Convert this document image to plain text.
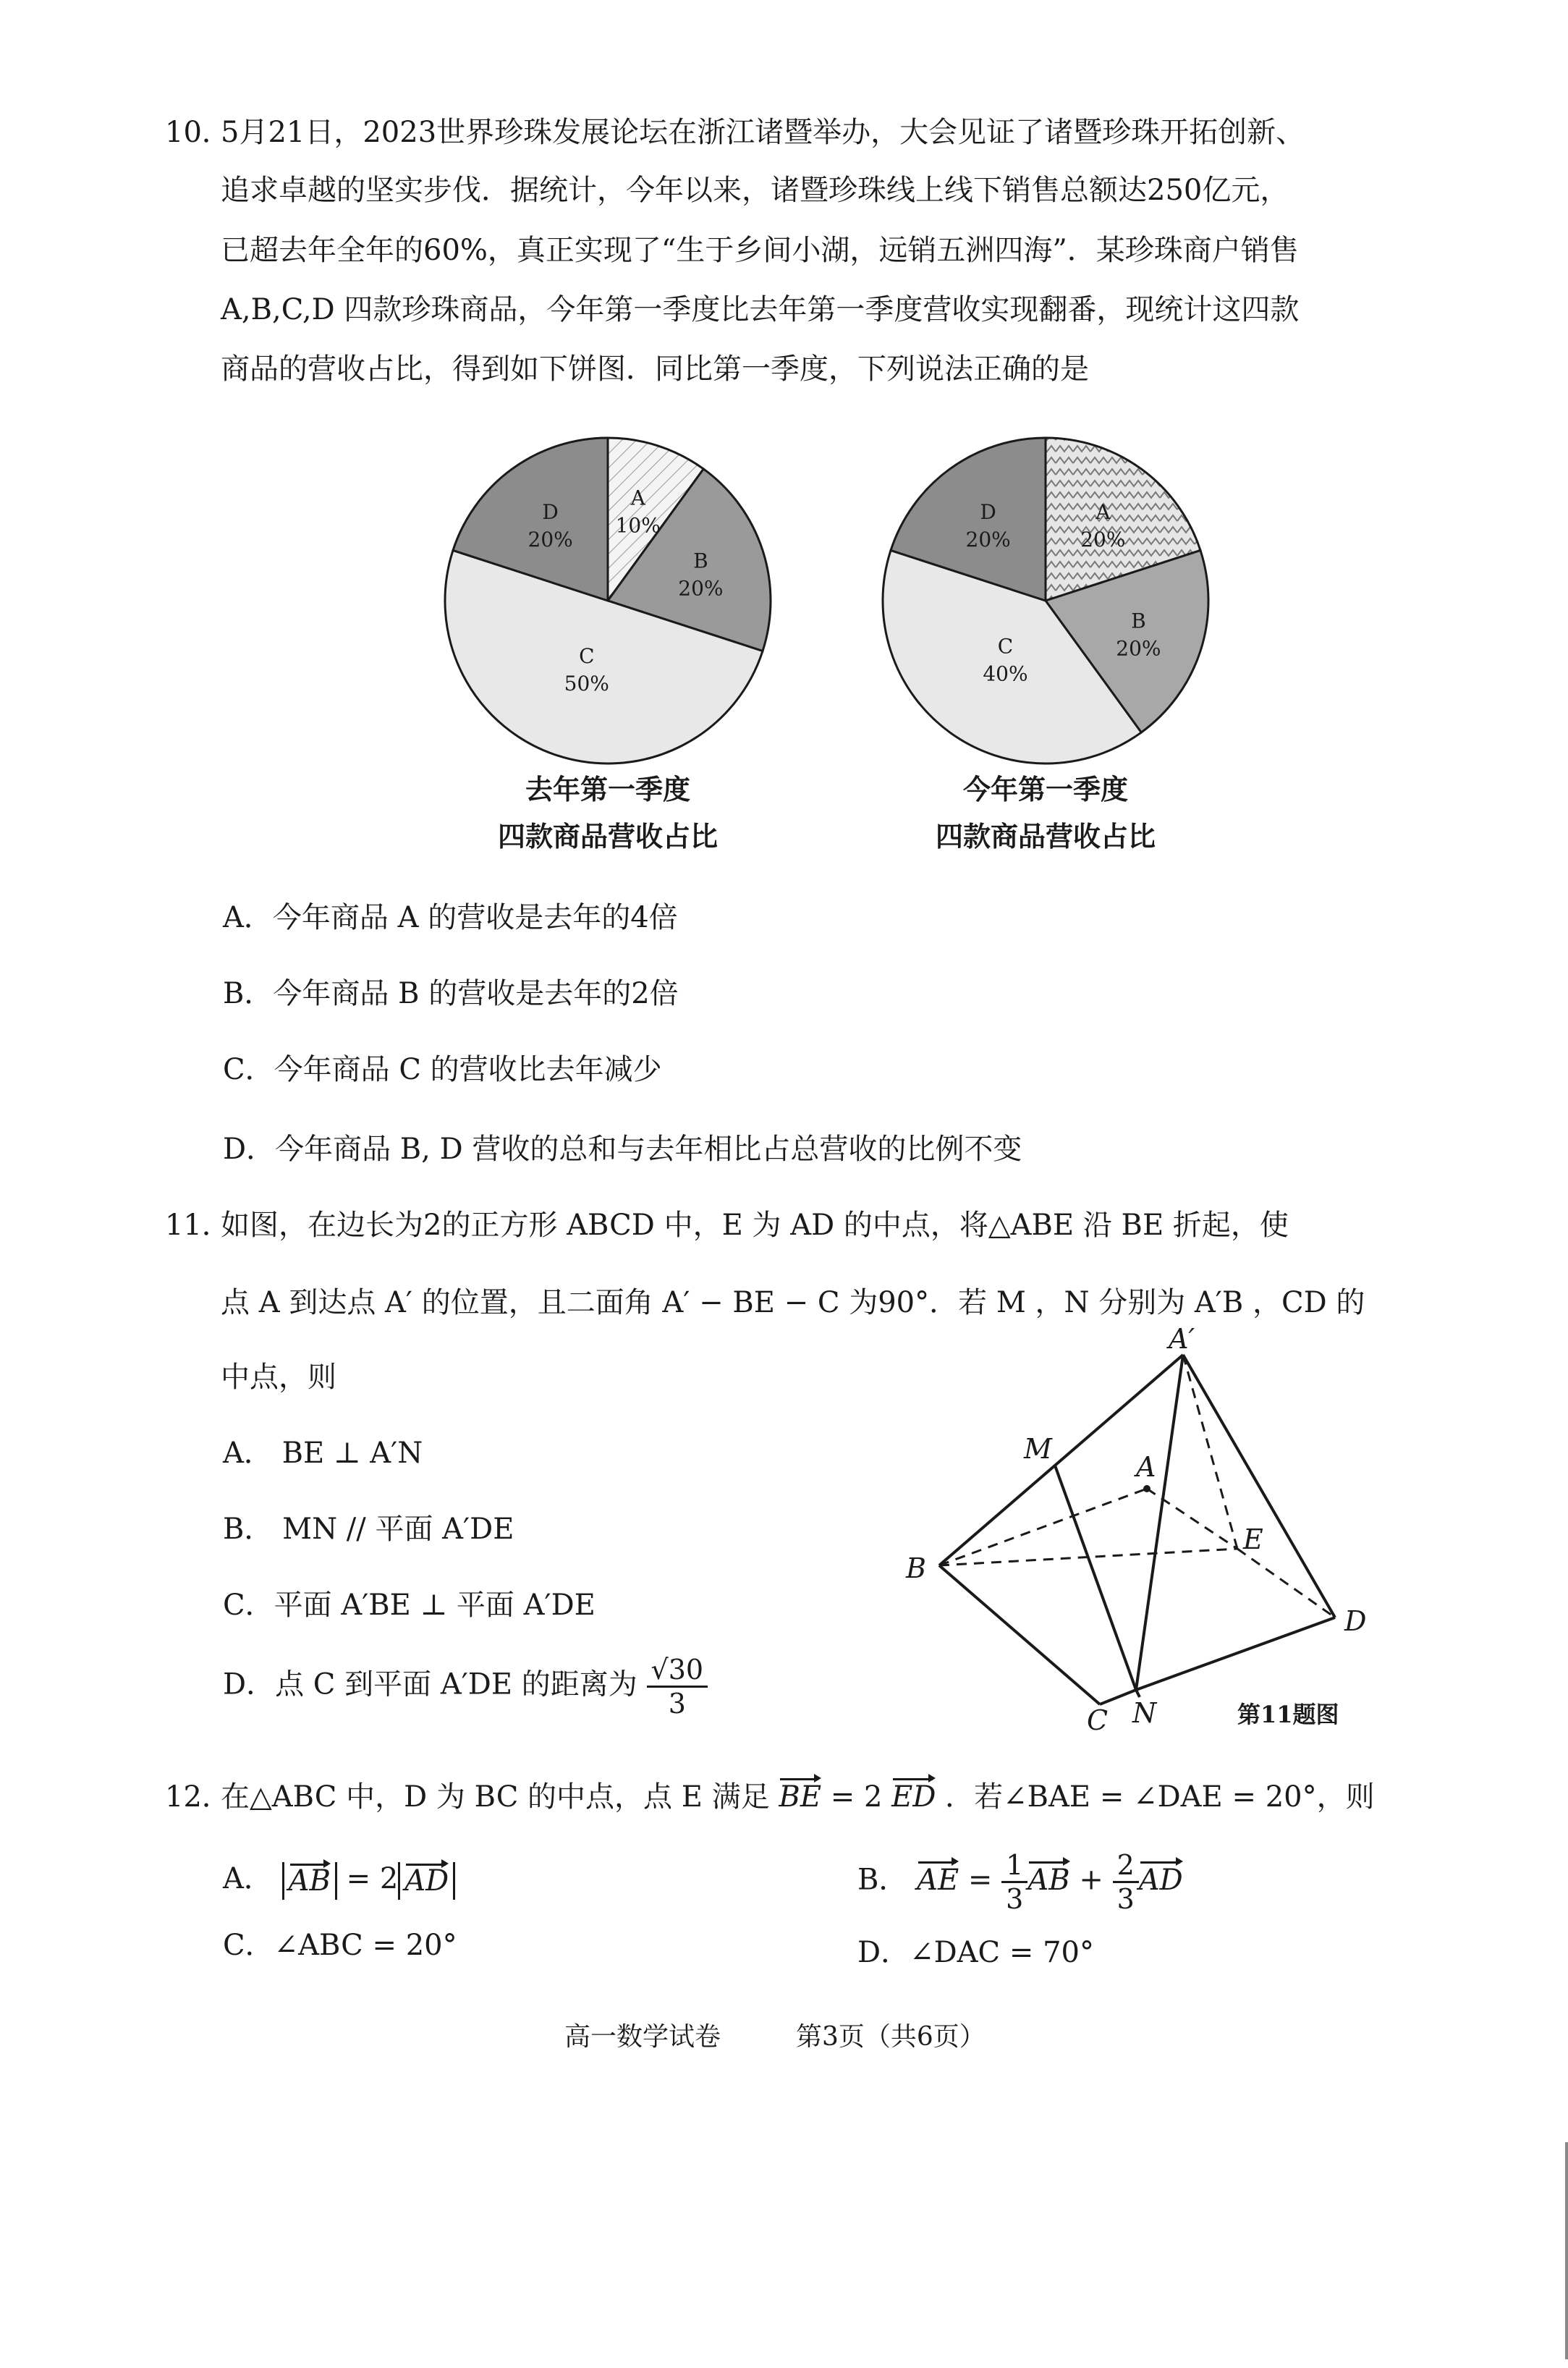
10．
5月21日，2023世界珍珠发展论坛在浙江诸暨举办，大会见证了诸暨珍珠开拓创新、
追求卓越的坚实步伐．据统计，今年以来，诸暨珍珠线上线下销售总额达250亿元，
已超去年全年的60%，真正实现了“生于乡间小湖，远销五洲四海”．某珍珠商户销售
A,B,C,D 四款珍珠商品，今年第一季度比去年第一季度营收实现翻番，现统计这四款
商品的营收占比，得到如下饼图．同比第一季度，下列说法正确的是
A
10%
B
20%
C
50%
D
20%
A
20%
B
20%
C
40%
D
20%
去年第一季度
四款商品营收占比
今年第一季度
四款商品营收占比
A．今年商品 A 的营收是去年的4倍
B．今年商品 B 的营收是去年的2倍
C．今年商品 C 的营收比去年减少
D．今年商品 B, D 营收的总和与去年相比占总营收的比例不变
11．
如图，在边长为2的正方形 ABCD 中，E 为 AD 的中点，将△ABE 沿 BE 折起，使
点 A 到达点 A′ 的位置，且二面角 A′ − BE − C 为90°．若 M ，N 分别为 A′B ，CD 的
中点，则
A． BE ⊥ A′N
B． MN // 平面 A′DE
C．平面 A′BE ⊥ 平面 A′DE
D．点 C 到平面 A′DE 的距离为 $\frac{√30}{3}$
A′
M
A
E
B
D
N
C	第11题图
12．
在△ABC 中，D 为 BC 的中点，点 E 满足 BE = 2 ED ．若∠BAE = ∠DAE = 20°，则
A． AB = 2 AD	B． AE = $\frac{1}{3}$ AB + $\frac{2}{3}$ AD
C．∠ABC = 20°	D．∠DAC = 70°
高一数学试卷	第3页（共6页）
